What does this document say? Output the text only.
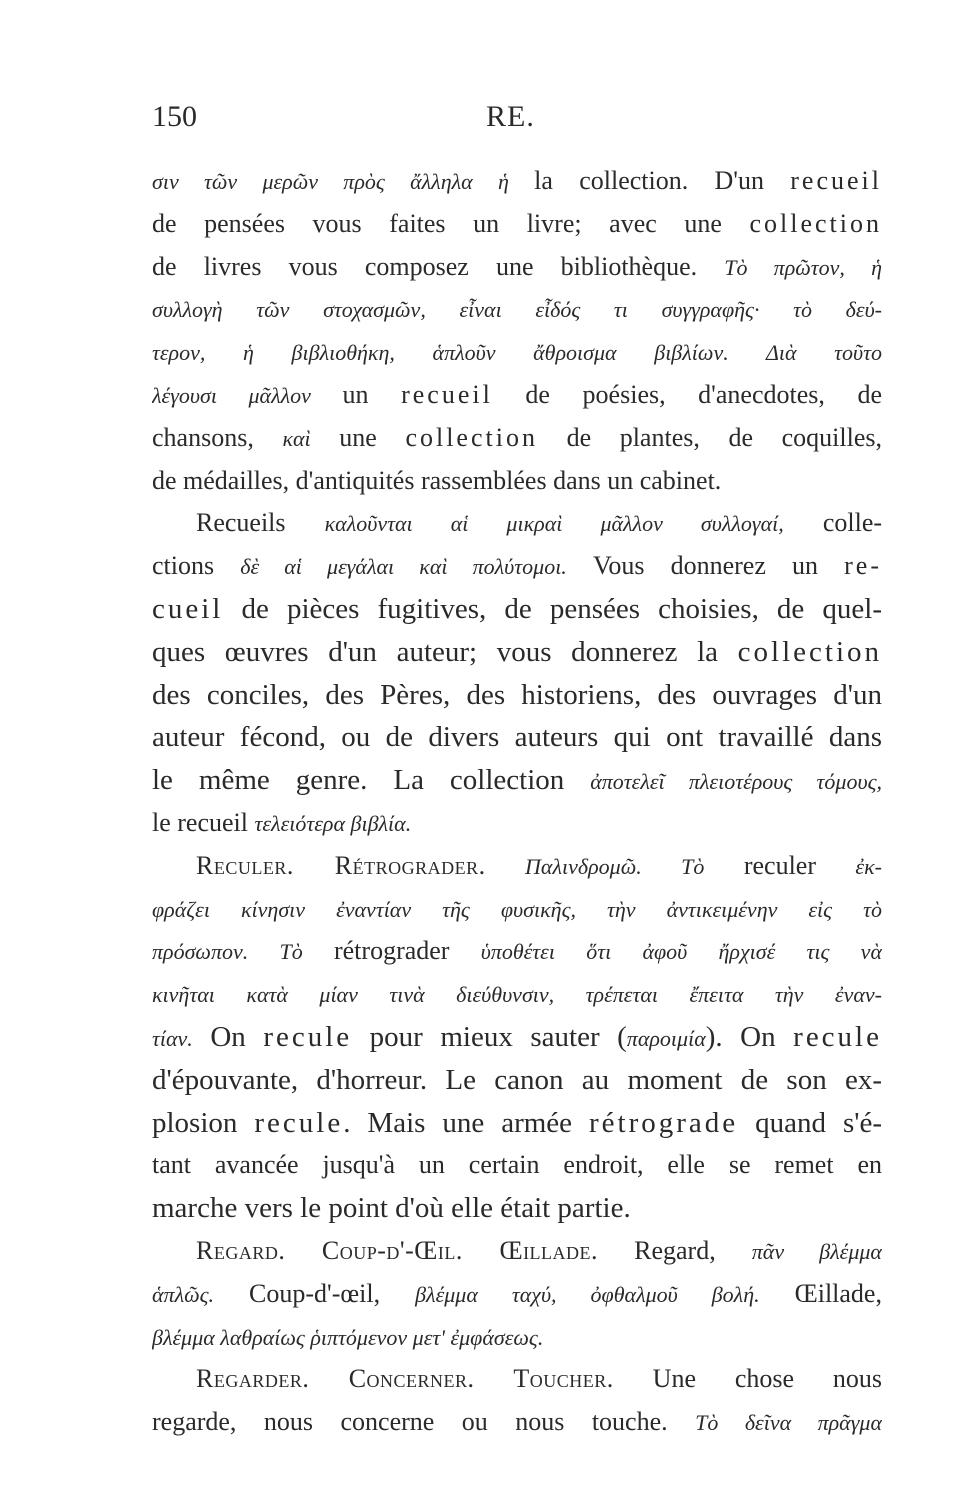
150	RE.
σιν τῶν μερῶν πρὸς ἄλληλα ἡ la collection. D'un recueil
de pensées vous faites un livre; avec une collection
de livres vous composez une bibliothèque. Τὸ πρῶτον, ἡ
συλλογὴ τῶν στοχασμῶν, εἶναι εἶδός τι συγγραφῆς· τὸ δεύ-
τερον, ἡ βιβλιοθήκη, ἁπλοῦν ἄθροισμα βιβλίων. Διὰ τοῦτο
λέγουσι μᾶλλον un recueil de poésies, d'anecdotes, de
chansons, καὶ une collection de plantes, de coquilles,
de médailles, d'antiquités rassemblées dans un cabinet.
Recueils καλοῦνται αἱ μικραὶ μᾶλλον συλλογαί, colle-
ctions δὲ αἱ μεγάλαι καὶ πολύτομοι. Vous donnerez un re-
cueil de pièces fugitives, de pensées choisies, de quel-
ques œuvres d'un auteur; vous donnerez la collection
des conciles, des Pères, des historiens, des ouvrages d'un
auteur fécond, ou de divers auteurs qui ont travaillé dans
le même genre. La collection ἀποτελεῖ πλειοτέρους τόμους,
le recueil τελειότερα βιβλία.
Reculer. Rétrograder. Παλινδρομῶ. Τὸ reculer ἐκ-
φράζει κίνησιν ἐναντίαν τῆς φυσικῆς, τὴν ἀντικειμένην εἰς τὸ
πρόσωπον. Τὸ rétrograder ὑποθέτει ὅτι ἀφοῦ ἤρχισέ τις νὰ
κινῆται κατὰ μίαν τινὰ διεύθυνσιν, τρέπεται ἔπειτα τὴν ἐναν-
τίαν. On recule pour mieux sauter (παροιμία). On recule
d'épouvante, d'horreur. Le canon au moment de son ex-
plosion recule. Mais une armée rétrograde quand s'é-
tant avancée jusqu'à un certain endroit, elle se remet en
marche vers le point d'où elle était partie.
Regard. Coup-d'-Œil. Œillade. Regard, πᾶν βλέμμα
ἁπλῶς. Coup-d'-œil, βλέμμα ταχύ, ὀφθαλμοῦ βολή. Œillade,
βλέμμα λαθραίως ῥιπτόμενον μετ' ἐμφάσεως.
Regarder. Concerner. Toucher. Une chose nous
regarde, nous concerne ou nous touche. Τὸ δεῖνα πρᾶγμα
